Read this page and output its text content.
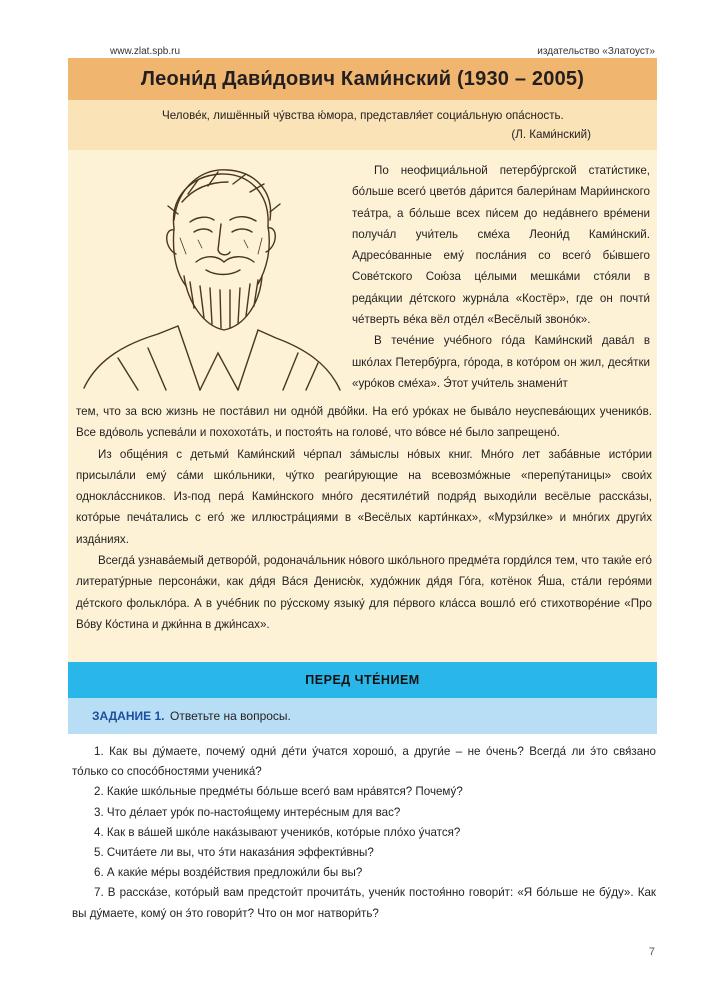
www.zlat.spb.ru	издательство «Златоуст»
Леони́д Дави́дович Ками́нский (1930 – 2005)
Челове́к, лишённый чу́вства ю́мора, представля́ет социа́льную опа́сность.
(Л. Ками́нский)

По неофициа́льной петербу́ргской стати́стике, бо́льше всего́ цвето́в да́рится балери́нам Мари́инского теа́тра, а бо́льше всех пи́сем до неда́внего вре́мени получа́л учи́тель смéха Леони́д Ками́нский. Адресо́ванные ему́ посла́ния со всего́ бы́вшего Сове́тского Сою́за це́лыми мешка́ми сто́яли в реда́кции де́тского журна́ла «Костёр», где он почти́ че́тверть ве́ка вёл отде́л «Весёлый звоно́к».

В тече́ние уче́бного го́да Ками́нский дава́л в шко́лах Петербу́рга, го́рода, в кото́ром он жил, деся́тки «уро́ков сме́ха». Э́тот учи́тель знамени́т

тем, что за всю жизнь не поста́вил ни одно́й дво́йки. На его́ уро́ках не быва́ло неуспева́ющих ученико́в. Все вдо́воль успева́ли и похохота́ть, и постоя́ть на голове́, что во́все не́ было запрещено́.

Из обще́ния с детьми́ Ками́нский че́рпал за́мыслы но́вых книг. Мно́го лет заба́вные исто́рии присыла́ли ему́ са́ми шко́льники, чу́тко реаги́рующие на всевозмо́жные «перепу́таницы» свои́х однокла́ссников. Из-под пера́ Ками́нского мно́го десятиле́тий подря́д выходи́ли весёлые расска́зы, кото́рые печа́тались с его́ же иллюстра́циями в «Весёлых карти́нках», «Мурзи́лке» и мно́гих други́х изда́ниях.

Всегда́ узнава́емый детворо́й, родонача́льник но́вого шко́льного предме́та горди́лся тем, что таки́е его́ литерату́рные персона́жи, как дя́дя Ва́ся Денисю́к, худо́жник дя́дя Го́га, котёнок Я́ша, ста́ли геро́ями де́тского фолькло́ра. А в уче́бник по ру́сскому языку́ для пе́рвого кла́сса вошло́ его́ стихотворе́ние «Про Во́ву Ко́стина и джи́нна в джи́нсах».

ПЕРЕД ЧТЕ́НИЕМ
ЗАДАНИЕ 1. Ответьте на вопросы.

1. Как вы ду́маете, почему́ одни́ де́ти у́чатся хорошо́, а други́е – не о́чень? Всегда́ ли э́то свя́зано то́лько со спосо́бностями ученика́?

2. Каки́е шко́льные предме́ты бо́льше всего́ вам нра́вятся? Почему́?

3. Что де́лает уро́к по-настоя́щему интере́сным для вас?

4. Как в ва́шей шко́ле нака́зывают ученико́в, кото́рые пло́хо у́чатся?

5. Счита́ете ли вы, что э́ти наказа́ния эффекти́вны?

6. А каки́е ме́ры возде́йствия предложи́ли бы вы?

7. В расска́зе, кото́рый вам предстои́т прочита́ть, учени́к постоя́нно говори́т: «Я бо́льше не бу́ду». Как вы ду́маете, кому́ он э́то говори́т? Что он мог натвори́ть?

7
